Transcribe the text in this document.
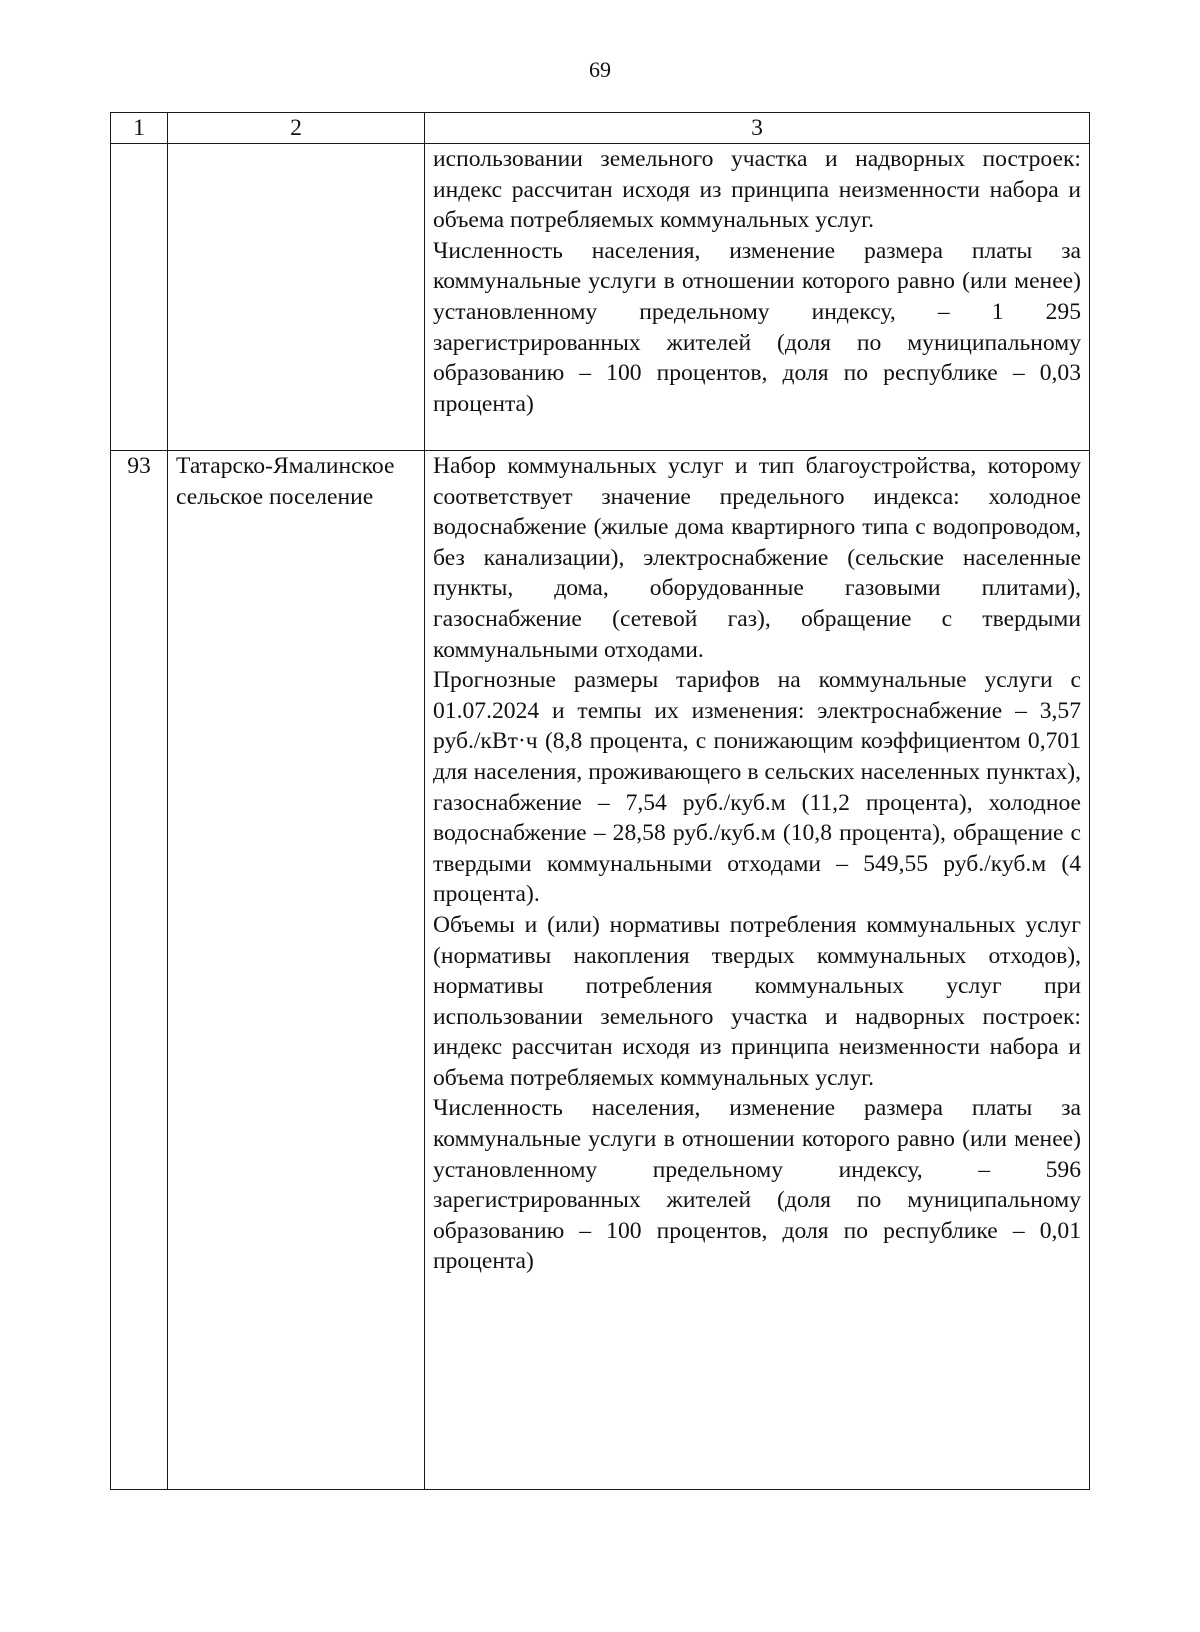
69
1	2	3

		использовании земельного участка и надворных построек: индекс рассчитан исходя из принципа неизменности набора и объема потребляемых коммунальных услуг.

Численность населения, изменение размера платы за коммунальные услуги в отношении которого равно (или менее) установленному предельному индексу, – 1 295 зарегистрированных жителей (доля по муниципальному образованию – 100 процентов, доля по республике – 0,03 процента)

93	Татарско-Ямалинское сельское поселение	Набор коммунальных услуг и тип благоустройства, которому соответствует значение предельного индекса: холодное водоснабжение (жилые дома квартирного типа с водопроводом, без канализации), электроснабжение (сельские населенные пункты, дома, оборудованные газовыми плитами), газоснабжение (сетевой газ), обращение с твердыми коммунальными отходами.

Прогнозные размеры тарифов на коммунальные услуги с 01.07.2024 и темпы их изменения: электроснабжение – 3,57 руб./кВт·ч (8,8 процента, с понижающим коэффициентом 0,701 для населения, проживающего в сельских населенных пунктах), газоснабжение – 7,54 руб./куб.м (11,2 процента), холодное водоснабжение – 28,58 руб./куб.м (10,8 процента), обращение с твердыми коммунальными отходами – 549,55 руб./куб.м (4 процента).

Объемы и (или) нормативы потребления коммунальных услуг (нормативы накопления твердых коммунальных отходов), нормативы потребления коммунальных услуг при использовании земельного участка и надворных построек: индекс рассчитан исходя из принципа неизменности набора и объема потребляемых коммунальных услуг.

Численность населения, изменение размера платы за коммунальные услуги в отношении которого равно (или менее) установленному предельному индексу, – 596 зарегистрированных жителей (доля по муниципальному образованию – 100 процентов, доля по республике – 0,01 процента)
